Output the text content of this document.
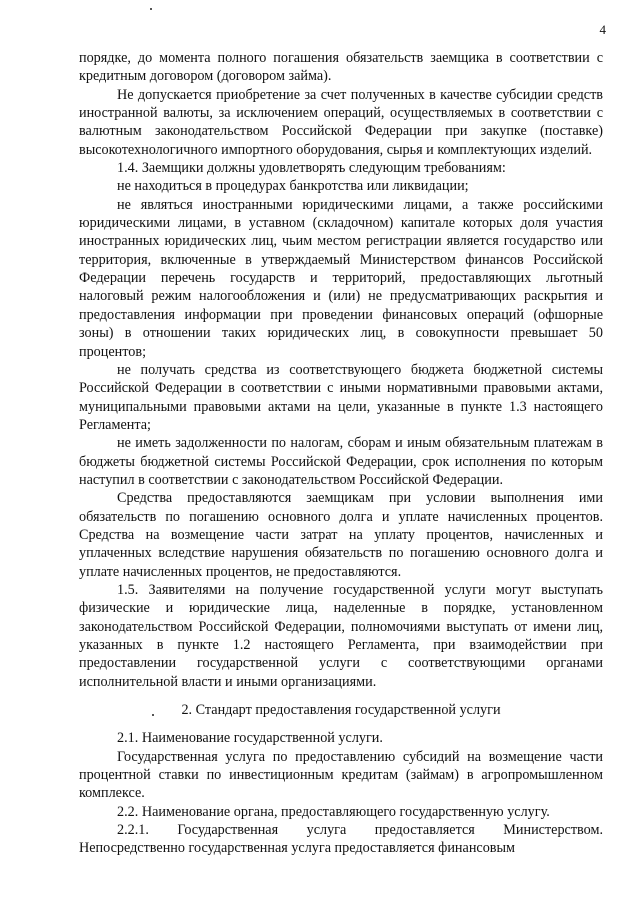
4

порядке, до момента полного погашения обязательств заемщика в соответствии с кредитным договором (договором займа).

Не допускается приобретение за счет полученных в качестве субсидии средств иностранной валюты, за исключением операций, осуществляемых в соответствии с валютным законодательством Российской Федерации при закупке (поставке) высокотехнологичного импортного оборудования, сырья и комплектующих изделий.

1.4. Заемщики должны удовлетворять следующим требованиям:

не находиться в процедурах банкротства или ликвидации;

не являться иностранными юридическими лицами, а также российскими юридическими лицами, в уставном (складочном) капитале которых доля участия иностранных юридических лиц, чьим местом регистрации является государство или территория, включенные в утверждаемый Министерством финансов Российской Федерации перечень государств и территорий, предоставляющих льготный налоговый режим налогообложения и (или) не предусматривающих раскрытия и предоставления информации при проведении финансовых операций (офшорные зоны) в отношении таких юридических лиц, в совокупности превышает 50 процентов;

не получать средства из соответствующего бюджета бюджетной системы Российской Федерации в соответствии с иными нормативными правовыми актами, муниципальными правовыми актами на цели, указанные в пункте 1.3 настоящего Регламента;

не иметь задолженности по налогам, сборам и иным обязательным платежам в бюджеты бюджетной системы Российской Федерации, срок исполнения по которым наступил в соответствии с законодательством Российской Федерации.

Средства предоставляются заемщикам при условии выполнения ими обязательств по погашению основного долга и уплате начисленных процентов. Средства на возмещение части затрат на уплату процентов, начисленных и уплаченных вследствие нарушения обязательств по погашению основного долга и уплате начисленных процентов, не предоставляются.

1.5. Заявителями на получение государственной услуги могут выступать физические и юридические лица, наделенные в порядке, установленном законодательством Российской Федерации, полномочиями выступать от имени лиц, указанных в пункте 1.2 настоящего Регламента, при взаимодействии при предоставлении государственной услуги с соответствующими органами исполнительной власти и иными организациями.

2. Стандарт предоставления государственной услуги

2.1. Наименование государственной услуги.

Государственная услуга по предоставлению субсидий на возмещение части процентной ставки по инвестиционным кредитам (займам) в агропромышленном комплексе.

2.2. Наименование органа, предоставляющего государственную услугу.

2.2.1. Государственная услуга предоставляется Министерством. Непосредственно государственная услуга предоставляется финансовым
